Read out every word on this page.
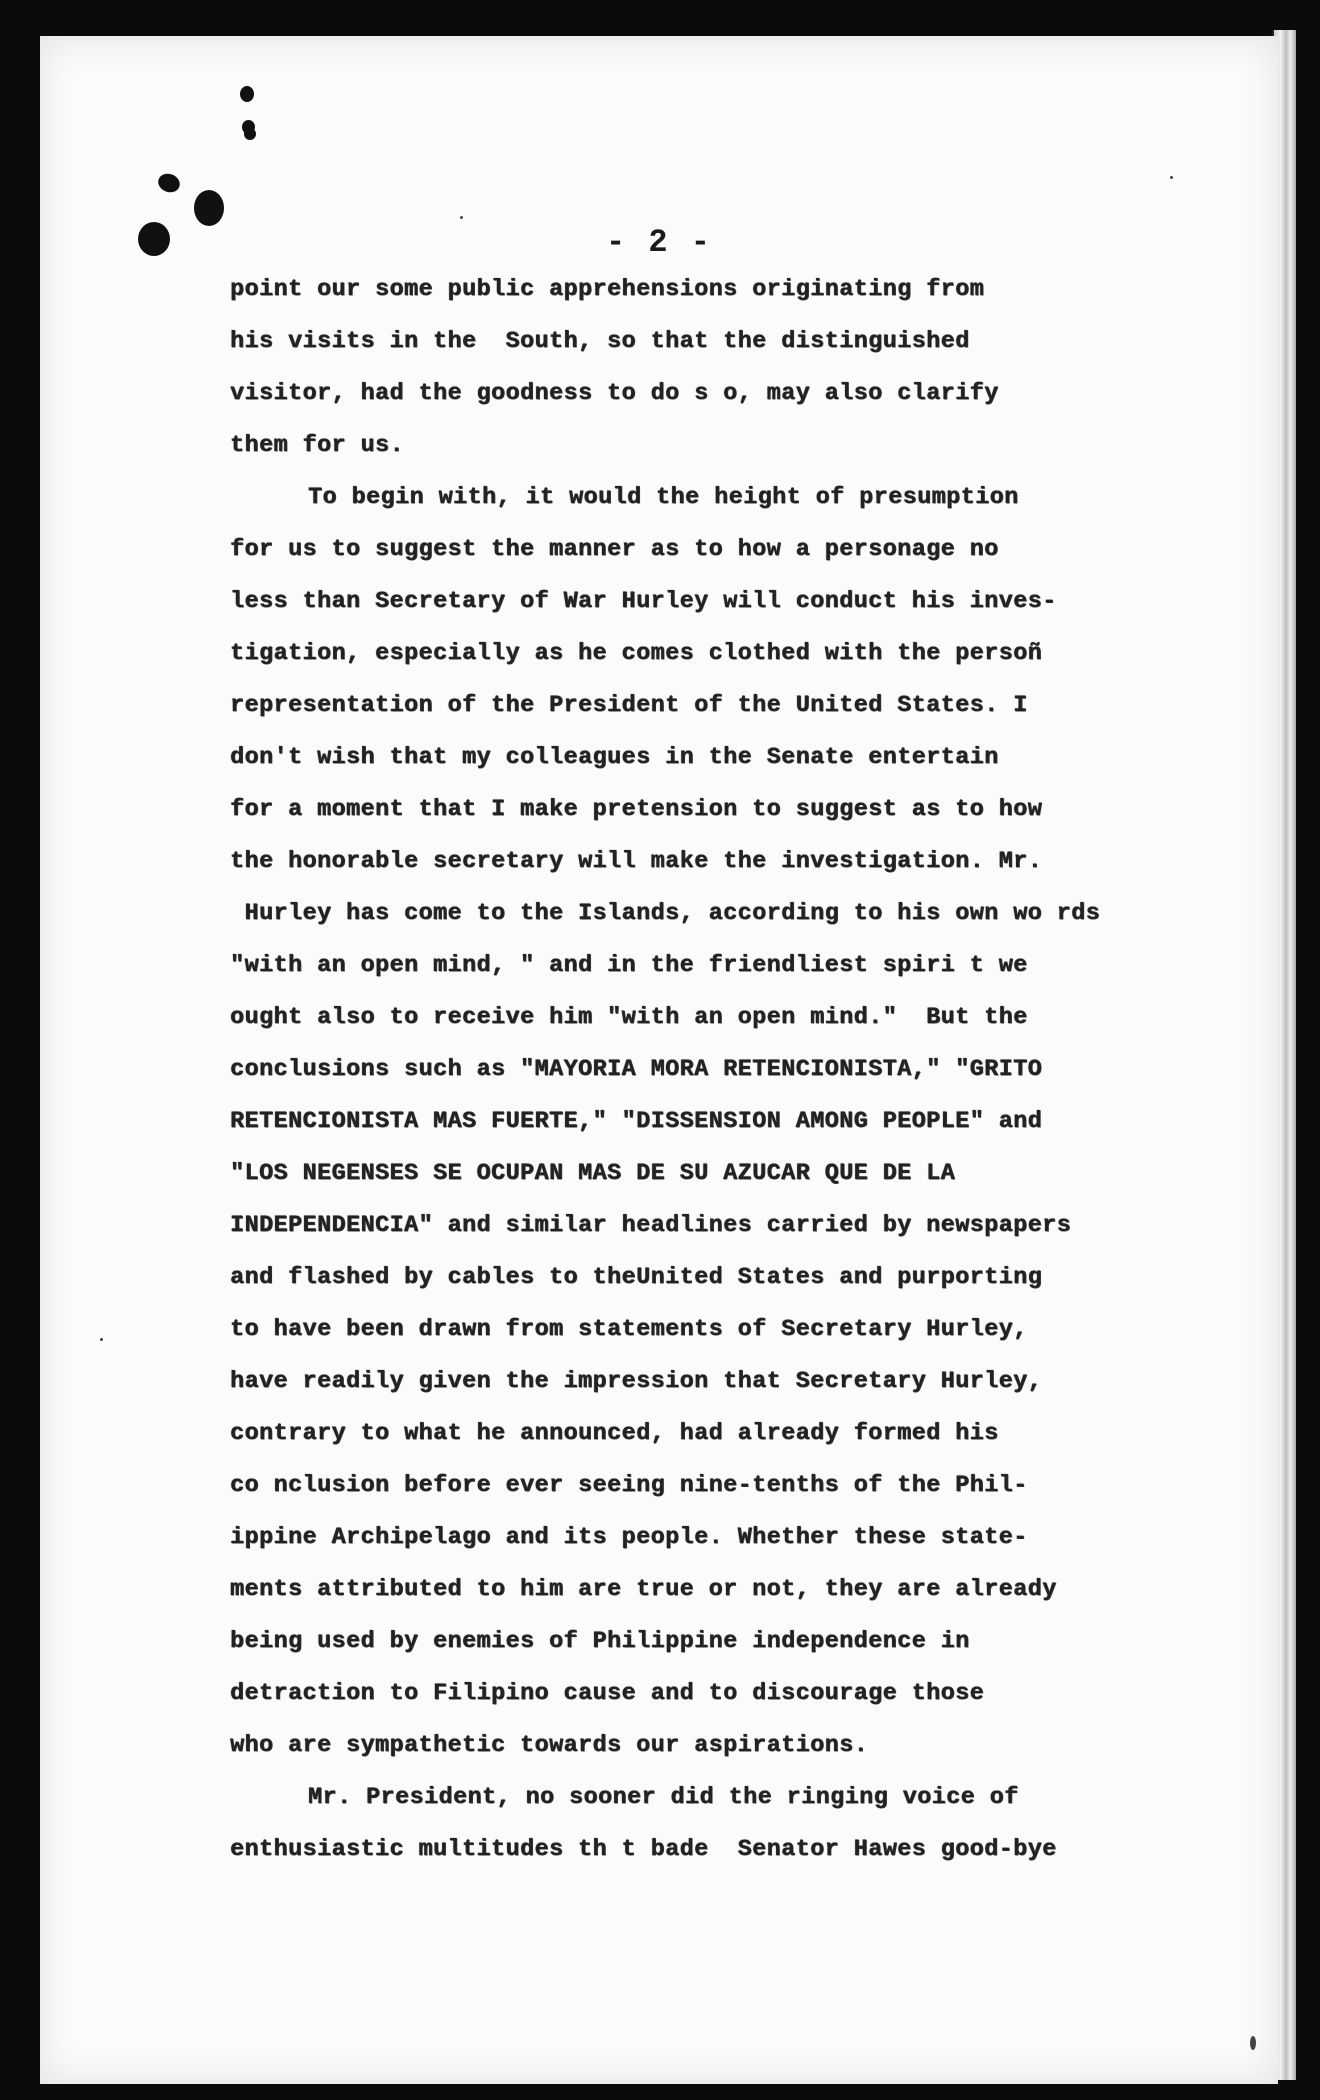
- 2 -
point our some public apprehensions originating from
his visits in the  South, so that the distinguished
visitor, had the goodness to do s o, may also clarify
them for us.
To begin with, it would the height of presumption
for us to suggest the manner as to how a personage no
less than Secretary of War Hurley will conduct his inves-
tigation, especially as he comes clothed with the persoñ
representation of the President of the United States. I
don't wish that my colleagues in the Senate entertain
for a moment that I make pretension to suggest as to how
the honorable secretary will make the investigation. Mr.
Hurley has come to the Islands, according to his own wo rds
"with an open mind, " and in the friendliest spiri t we
ought also to receive him "with an open mind."  But the
conclusions such as "MAYORIA MORA RETENCIONISTA," "GRITO
RETENCIONISTA MAS FUERTE," "DISSENSION AMONG PEOPLE" and
"LOS NEGENSES SE OCUPAN MAS DE SU AZUCAR QUE DE LA
INDEPENDENCIA" and similar headlines carried by newspapers
and flashed by cables to theUnited States and purporting
to have been drawn from statements of Secretary Hurley,
have readily given the impression that Secretary Hurley,
contrary to what he announced, had already formed his
co nclusion before ever seeing nine-tenths of the Phil-
ippine Archipelago and its people. Whether these state-
ments attributed to him are true or not, they are already
being used by enemies of Philippine independence in
detraction to Filipino cause and to discourage those
who are sympathetic towards our aspirations.
Mr. President, no sooner did the ringing voice of
enthusiastic multitudes th t bade  Senator Hawes good-bye
